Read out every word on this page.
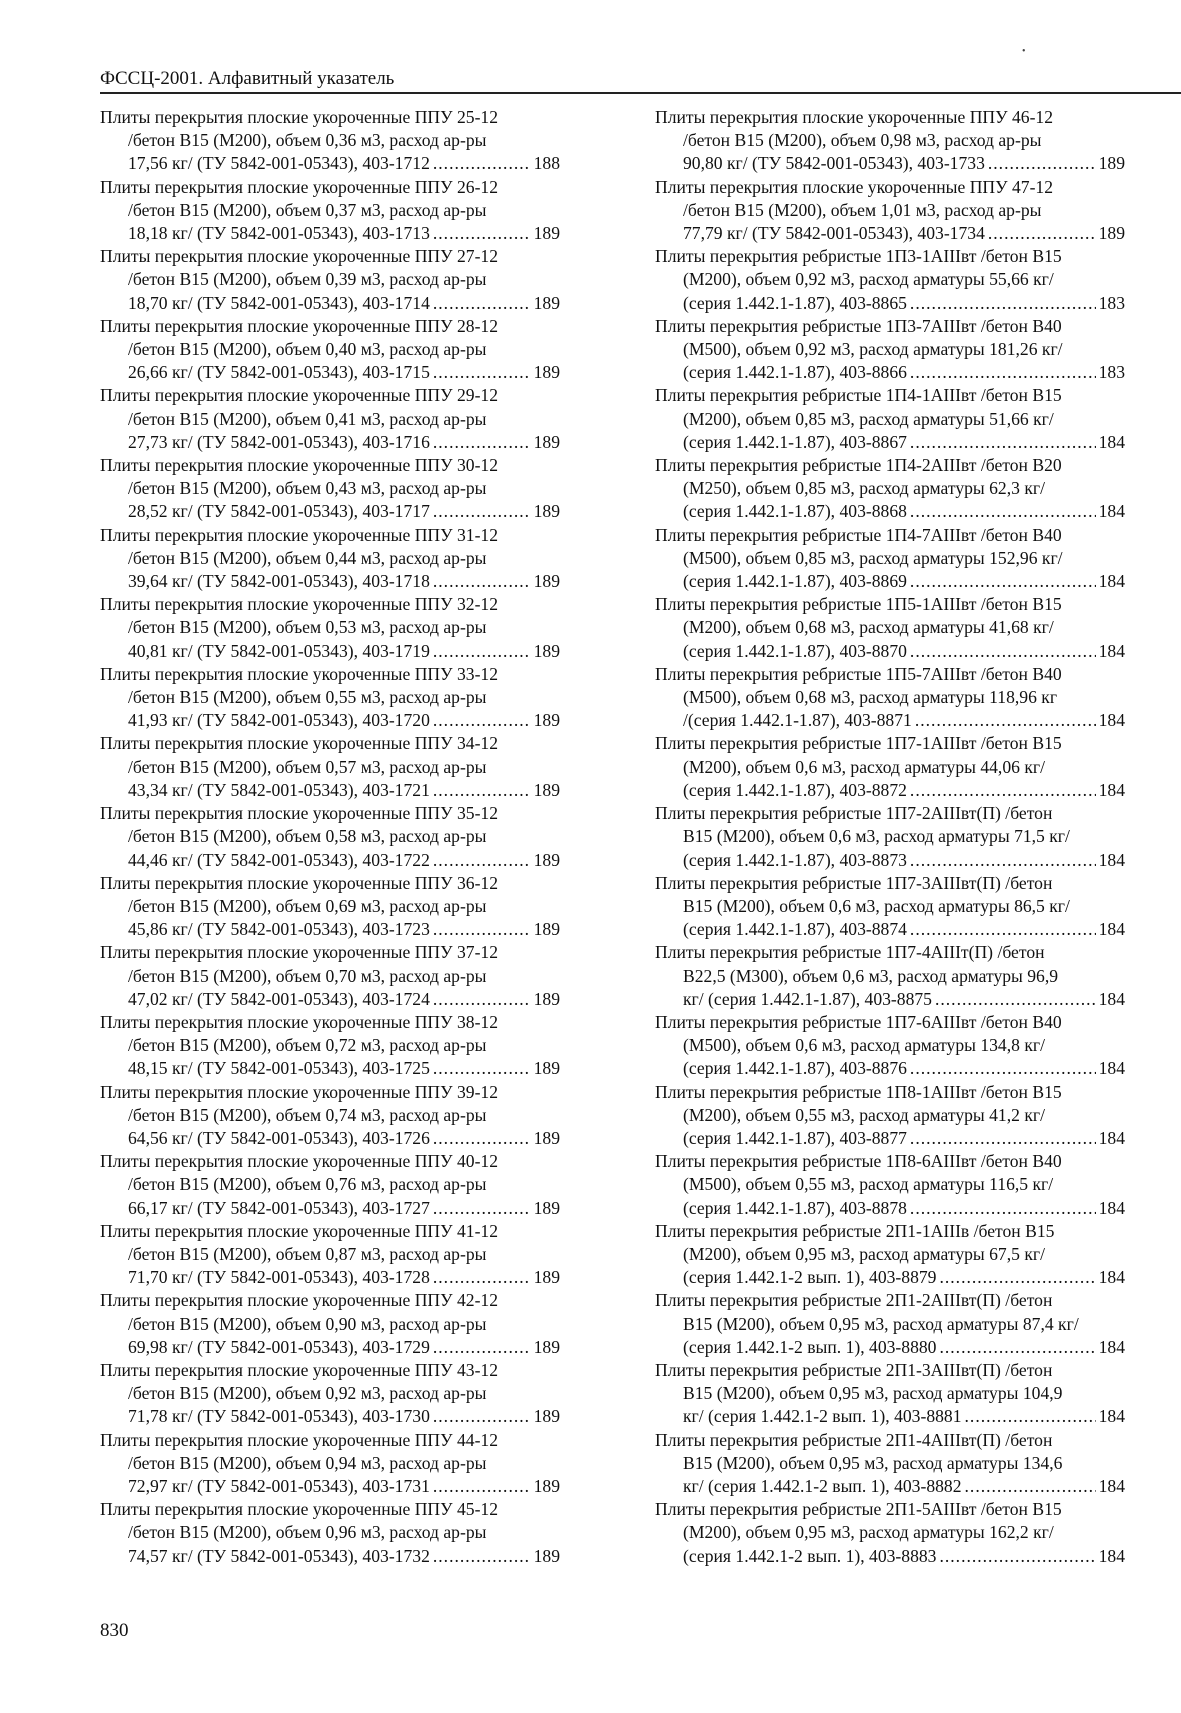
•
ФССЦ-2001. Алфавитный указатель
Плиты перекрытия плоские укороченные ППУ 25-12
/бетон В15 (М200), объем 0,36 м3, расход ар-ры
17,56 кг/ (ТУ 5842-001-05343), 403-1712 .....	188
Плиты перекрытия плоские укороченные ППУ 26-12
/бетон В15 (М200), объем 0,37 м3, расход ар-ры
18,18 кг/ (ТУ 5842-001-05343), 403-1713 .....	189
Плиты перекрытия плоские укороченные ППУ 27-12
/бетон В15 (М200), объем 0,39 м3, расход ар-ры
18,70 кг/ (ТУ 5842-001-05343), 403-1714 .....	189
Плиты перекрытия плоские укороченные ППУ 28-12
/бетон В15 (М200), объем 0,40 м3, расход ар-ры
26,66 кг/ (ТУ 5842-001-05343), 403-1715 .....	189
Плиты перекрытия плоские укороченные ППУ 29-12
/бетон В15 (М200), объем 0,41 м3, расход ар-ры
27,73 кг/ (ТУ 5842-001-05343), 403-1716 .....	189
Плиты перекрытия плоские укороченные ППУ 30-12
/бетон В15 (М200), объем 0,43 м3, расход ар-ры
28,52 кг/ (ТУ 5842-001-05343), 403-1717 .....	189
Плиты перекрытия плоские укороченные ППУ 31-12
/бетон В15 (М200), объем 0,44 м3, расход ар-ры
39,64 кг/ (ТУ 5842-001-05343), 403-1718 .....	189
Плиты перекрытия плоские укороченные ППУ 32-12
/бетон В15 (М200), объем 0,53 м3, расход ар-ры
40,81 кг/ (ТУ 5842-001-05343), 403-1719 .....	189
Плиты перекрытия плоские укороченные ППУ 33-12
/бетон В15 (М200), объем 0,55 м3, расход ар-ры
41,93 кг/ (ТУ 5842-001-05343), 403-1720 .....	189
Плиты перекрытия плоские укороченные ППУ 34-12
/бетон В15 (М200), объем 0,57 м3, расход ар-ры
43,34 кг/ (ТУ 5842-001-05343), 403-1721 .....	189
Плиты перекрытия плоские укороченные ППУ 35-12
/бетон В15 (М200), объем 0,58 м3, расход ар-ры
44,46 кг/ (ТУ 5842-001-05343), 403-1722 .....	189
Плиты перекрытия плоские укороченные ППУ 36-12
/бетон В15 (М200), объем 0,69 м3, расход ар-ры
45,86 кг/ (ТУ 5842-001-05343), 403-1723 .....	189
Плиты перекрытия плоские укороченные ППУ 37-12
/бетон В15 (М200), объем 0,70 м3, расход ар-ры
47,02 кг/ (ТУ 5842-001-05343), 403-1724 .....	189
Плиты перекрытия плоские укороченные ППУ 38-12
/бетон В15 (М200), объем 0,72 м3, расход ар-ры
48,15 кг/ (ТУ 5842-001-05343), 403-1725 .....	189
Плиты перекрытия плоские укороченные ППУ 39-12
/бетон В15 (М200), объем 0,74 м3, расход ар-ры
64,56 кг/ (ТУ 5842-001-05343), 403-1726 .....	189
Плиты перекрытия плоские укороченные ППУ 40-12
/бетон В15 (М200), объем 0,76 м3, расход ар-ры
66,17 кг/ (ТУ 5842-001-05343), 403-1727 .....	189
Плиты перекрытия плоские укороченные ППУ 41-12
/бетон В15 (М200), объем 0,87 м3, расход ар-ры
71,70 кг/ (ТУ 5842-001-05343), 403-1728 .....	189
Плиты перекрытия плоские укороченные ППУ 42-12
/бетон В15 (М200), объем 0,90 м3, расход ар-ры
69,98 кг/ (ТУ 5842-001-05343), 403-1729 .....	189
Плиты перекрытия плоские укороченные ППУ 43-12
/бетон В15 (М200), объем 0,92 м3, расход ар-ры
71,78 кг/ (ТУ 5842-001-05343), 403-1730 .....	189
Плиты перекрытия плоские укороченные ППУ 44-12
/бетон В15 (М200), объем 0,94 м3, расход ар-ры
72,97 кг/ (ТУ 5842-001-05343), 403-1731 .....	189
Плиты перекрытия плоские укороченные ППУ 45-12
/бетон В15 (М200), объем 0,96 м3, расход ар-ры
74,57 кг/ (ТУ 5842-001-05343), 403-1732 .....	189
Плиты перекрытия плоские укороченные ППУ 46-12
/бетон В15 (М200), объем 0,98 м3, расход ар-ры
90,80 кг/ (ТУ 5842-001-05343), 403-1733 .....	189
Плиты перекрытия плоские укороченные ППУ 47-12
/бетон В15 (М200), объем 1,01 м3, расход ар-ры
77,79 кг/ (ТУ 5842-001-05343), 403-1734 .....	189
Плиты перекрытия ребристые 1П3-1АIIIвт /бетон В15
(М200), объем 0,92 м3, расход арматуры 55,66 кг/
(серия 1.442.1-1.87), 403-8865 .....	183
Плиты перекрытия ребристые 1П3-7АIIIвт /бетон В40
(М500), объем 0,92 м3, расход арматуры 181,26 кг/
(серия 1.442.1-1.87), 403-8866 .....	183
Плиты перекрытия ребристые 1П4-1АIIIвт /бетон В15
(М200), объем 0,85 м3, расход арматуры 51,66 кг/
(серия 1.442.1-1.87), 403-8867 .....	184
Плиты перекрытия ребристые 1П4-2АIIIвт /бетон В20
(М250), объем 0,85 м3, расход арматуры 62,3 кг/
(серия 1.442.1-1.87), 403-8868 .....	184
Плиты перекрытия ребристые 1П4-7АIIIвт /бетон В40
(М500), объем 0,85 м3, расход арматуры 152,96 кг/
(серия 1.442.1-1.87), 403-8869 .....	184
Плиты перекрытия ребристые 1П5-1АIIIвт /бетон В15
(М200), объем 0,68 м3, расход арматуры 41,68 кг/
(серия 1.442.1-1.87), 403-8870 .....	184
Плиты перекрытия ребристые 1П5-7АIIIвт /бетон В40
(М500), объем 0,68 м3, расход арматуры 118,96 кг
/(серия 1.442.1-1.87), 403-8871 .....	184
Плиты перекрытия ребристые 1П7-1АIIIвт /бетон В15
(М200), объем 0,6 м3, расход арматуры 44,06 кг/
(серия 1.442.1-1.87), 403-8872 .....	184
Плиты перекрытия ребристые 1П7-2АIIIвт(П) /бетон
В15 (М200), объем 0,6 м3, расход арматуры 71,5 кг/
(серия 1.442.1-1.87), 403-8873 .....	184
Плиты перекрытия ребристые 1П7-3АIIIвт(П) /бетон
В15 (М200), объем 0,6 м3, расход арматуры 86,5 кг/
(серия 1.442.1-1.87), 403-8874 .....	184
Плиты перекрытия ребристые 1П7-4АIIIт(П) /бетон
В22,5 (М300), объем 0,6 м3, расход арматуры 96,9
кг/ (серия 1.442.1-1.87), 403-8875 .....	184
Плиты перекрытия ребристые 1П7-6АIIIвт /бетон В40
(М500), объем 0,6 м3, расход арматуры 134,8 кг/
(серия 1.442.1-1.87), 403-8876 .....	184
Плиты перекрытия ребристые 1П8-1АIIIвт /бетон В15
(М200), объем 0,55 м3, расход арматуры 41,2 кг/
(серия 1.442.1-1.87), 403-8877 .....	184
Плиты перекрытия ребристые 1П8-6АIIIвт /бетон В40
(М500), объем 0,55 м3, расход арматуры 116,5 кг/
(серия 1.442.1-1.87), 403-8878 .....	184
Плиты перекрытия ребристые 2П1-1АIIIв /бетон В15
(М200), объем 0,95 м3, расход арматуры 67,5 кг/
(серия 1.442.1-2 вып. 1), 403-8879 .....	184
Плиты перекрытия ребристые 2П1-2АIIIвт(П) /бетон
В15 (М200), объем 0,95 м3, расход арматуры 87,4 кг/
(серия 1.442.1-2 вып. 1), 403-8880 .....	184
Плиты перекрытия ребристые 2П1-3АIIIвт(П) /бетон
В15 (М200), объем 0,95 м3, расход арматуры 104,9
кг/ (серия 1.442.1-2 вып. 1), 403-8881 .....	184
Плиты перекрытия ребристые 2П1-4АIIIвт(П) /бетон
В15 (М200), объем 0,95 м3, расход арматуры 134,6
кг/ (серия 1.442.1-2 вып. 1), 403-8882 .....	184
Плиты перекрытия ребристые 2П1-5АIIIвт /бетон В15
(М200), объем 0,95 м3, расход арматуры 162,2 кг/
(серия 1.442.1-2 вып. 1), 403-8883 .....	184
830
